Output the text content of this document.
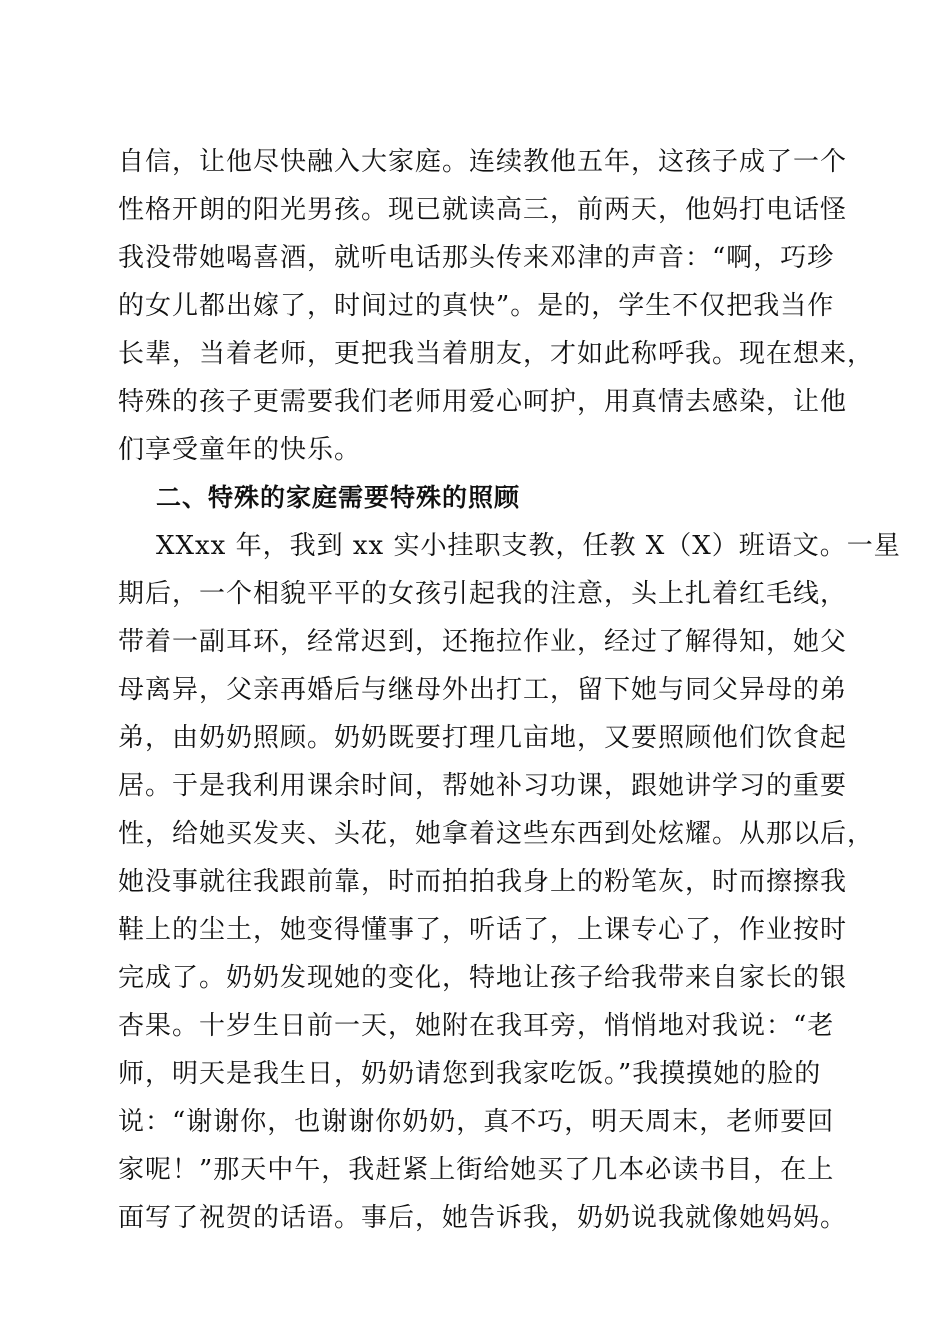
自信，让他尽快融入大家庭。连续教他五年，这孩子成了一个
性格开朗的阳光男孩。现已就读高三，前两天，他妈打电话怪
我没带她喝喜酒，就听电话那头传来邓津的声音：“啊，巧珍
的女儿都出嫁了，时间过的真快”。是的，学生不仅把我当作
长辈，当着老师，更把我当着朋友，才如此称呼我。现在想来，
特殊的孩子更需要我们老师用爱心呵护，用真情去感染，让他
们享受童年的快乐。
二、特殊的家庭需要特殊的照顾
XXxx 年，我到 xx 实小挂职支教，任教 X（X）班语文。一星
期后，一个相貌平平的女孩引起我的注意，头上扎着红毛线，
带着一副耳环，经常迟到，还拖拉作业，经过了解得知，她父
母离异，父亲再婚后与继母外出打工，留下她与同父异母的弟
弟，由奶奶照顾。奶奶既要打理几亩地，又要照顾他们饮食起
居。于是我利用课余时间，帮她补习功课，跟她讲学习的重要
性，给她买发夹、头花，她拿着这些东西到处炫耀。从那以后，
她没事就往我跟前靠，时而拍拍我身上的粉笔灰，时而擦擦我
鞋上的尘土，她变得懂事了，听话了，上课专心了，作业按时
完成了。奶奶发现她的变化，特地让孩子给我带来自家长的银
杏果。十岁生日前一天，她附在我耳旁，悄悄地对我说：“老
师，明天是我生日，奶奶请您到我家吃饭。”我摸摸她的脸的
说：“谢谢你，也谢谢你奶奶，真不巧，明天周末，老师要回
家呢！”那天中午，我赶紧上街给她买了几本必读书目，在上
面写了祝贺的话语。事后，她告诉我，奶奶说我就像她妈妈。
